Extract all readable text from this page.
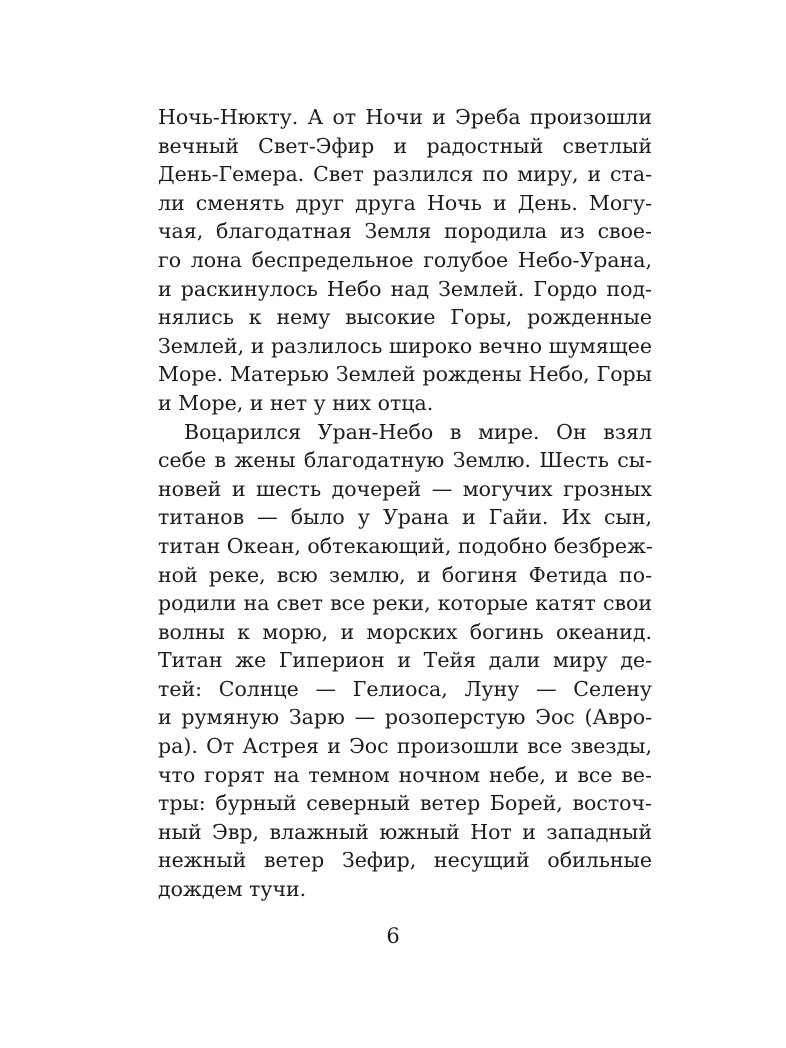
Ночь-Нюкту. А от Ночи и Эреба произошли
вечный Свет-Эфир и радостный светлый
День-Гемера. Свет разлился по миру, и ста-
ли сменять друг друга Ночь и День. Могу-
чая, благодатная Земля породила из свое-
го лона беспредельное голубое Небо-Урана,
и раскинулось Небо над Землей. Гордо под-
нялись к нему высокие Горы, рожденные
Землей, и разлилось широко вечно шумящее
Море. Матерью Землей рождены Небо, Горы
и Море, и нет у них отца.
Воцарился Уран-Небо в мире. Он взял
себе в жены благодатную Землю. Шесть сы-
новей и шесть дочерей — могучих грозных
титанов — было у Урана и Гайи. Их сын,
титан Океан, обтекающий, подобно безбреж-
ной реке, всю землю, и богиня Фетида по-
родили на свет все реки, которые катят свои
волны к морю, и морских богинь океанид.
Титан же Гиперион и Тейя дали миру де-
тей: Солнце — Гелиоса, Луну — Селену
и румяную Зарю — розоперстую Эос (Авро-
ра). От Астрея и Эос произошли все звезды,
что горят на темном ночном небе, и все ве-
тры: бурный северный ветер Борей, восточ-
ный Эвр, влажный южный Нот и западный
нежный ветер Зефир, несущий обильные
дождем тучи.
6
